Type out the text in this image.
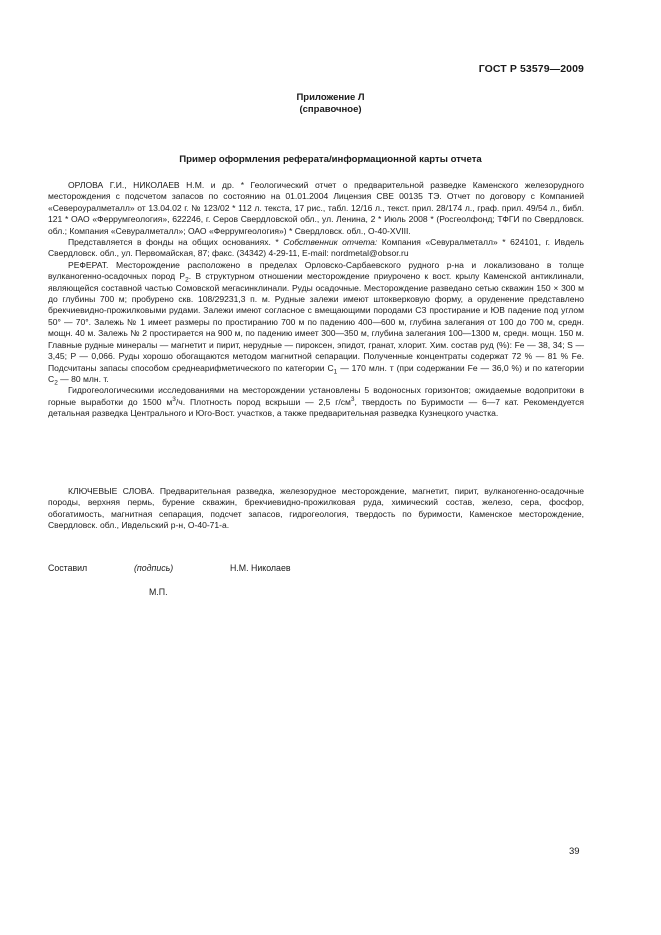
ГОСТ Р 53579—2009
Приложение Л
(справочное)
Пример оформления реферата/информационной карты отчета

ОРЛОВА Г.И., НИКОЛАЕВ Н.М. и др. * Геологический отчет о предварительной разведке Каменского железорудного месторождения с подсчетом запасов по состоянию на 01.01.2004 Лицензия СВЕ 00135 ТЭ. Отчет по договору с Компанией «Североуралметалл» от 13.04.02 г. № 123/02 * 112 л. текста, 17 рис., табл. 12/16 л., текст. прил. 28/174 л., граф. прил. 49/54 л., библ. 121 * ОАО «Феррумгеология», 622246, г. Серов Свердловской обл., ул. Ленина, 2 * Июль 2008 * (Росгеолфонд; ТФГИ по Свердловск. обл.; Компания «Севуралметалл»; ОАО «Феррумгеология») * Свердловск. обл., О-40-XVIII.

Представляется в фонды на общих основаниях. * Собственник отчета: Компания «Севуралметалл» * 624101, г. Ивдель Свердловск. обл., ул. Первомайская, 87; факс. (34342) 4-29-11, E-mail: nordmetal@obsor.ru

РЕФЕРАТ. Месторождение расположено в пределах Орловско-Сарбаевского рудного р-на и локализовано в толще вулканогенно-осадочных пород $Р_2$. В структурном отношении месторождение приурочено к вост. крылу Каменской антиклинали, являющейся составной частью Сомовской мегасинклинали. Руды осадочные. Месторождение разведано сетью скважин 150 × 300 м до глубины 700 м; пробурено скв. 108/29231,3 п. м. Рудные залежи имеют штокверковую форму, а оруденение представлено брекчиевидно-прожилковыми рудами. Залежи имеют согласное с вмещающими породами СЗ простирание и ЮВ падение под углом 50° — 70°. Залежь № 1 имеет размеры по простиранию 700 м по падению 400—600 м, глубина залегания от 100 до 700 м, средн. мощн. 40 м. Залежь № 2 простирается на 900 м, по падению имеет 300—350 м, глубина залегания 100—1300 м, средн. мощн. 150 м. Главные рудные минералы — магнетит и пирит, нерудные — пироксен, эпидот, гранат, хлорит. Хим. состав руд (%): Fe — 38, 34; S — 3,45; P — 0,066. Руды хорошо обогащаются методом магнитной сепарации. Полученные концентраты содержат 72 % — 81 % Fe. Подсчитаны запасы способом среднеарифметического по категории $C_1$ — 170 млн. т (при содержании Fe — 36,0 %) и по категории $C_2$ — 80 млн. т.

Гидрогеологическими исследованиями на месторождении установлены 5 водоносных горизонтов; ожидаемые водопритоки в горные выработки до 1500 $м^3/ч$. Плотность пород вскрыши — 2,5 $г/см^3$, твердость по Буримости — 6—7 кат. Рекомендуется детальная разведка Центрального и Юго-Вост. участков, а также предварительная разведка Кузнецкого участка.

КЛЮЧЕВЫЕ СЛОВА. Предварительная разведка, железорудное месторождение, магнетит, пирит, вулканогенно-осадочные породы, верхняя пермь, бурение скважин, брекчиевидно-прожилковая руда, химический состав, железо, сера, фосфор, обогатимость, магнитная сепарация, подсчет запасов, гидрогеология, твердость по буримости, Каменское месторождение, Свердловск. обл., Ивдельский р-н, О-40-71-а.

Составил	(подпись)	Н.М. Николаев
М.П.
39
